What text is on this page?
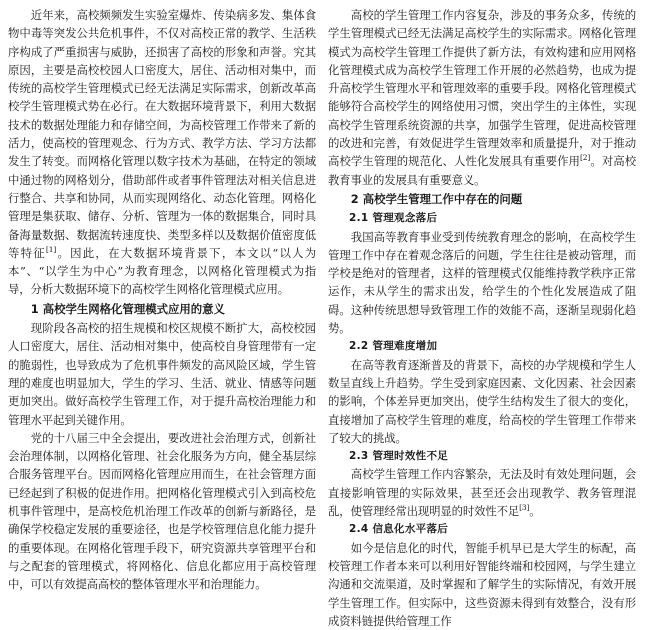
近年来，高校频频发生实验室爆炸、传染病多发、集体食物中毒等突发公共危机事件，不仅对高校正常的教学、生活秩序构成了严重损害与威胁，还损害了高校的形象和声誉。究其原因，主要是高校校园人口密度大，居住、活动相对集中，而传统的高校学生管理模式已经无法满足实际需求，创新改革高校学生管理模式势在必行。在大数据环境背景下，利用大数据技术的数据处理能力和存储空间，为高校管理工作带来了新的活力，使高校的管理观念、行为方式、教学方法、学习方法都发生了转变。而网格化管理以数字技术为基础，在特定的领域中通过物的网格划分，借助部件或者事件管理法对相关信息进行整合、共享和协同，从而实现网络化、动态化管理。网格化管理是集获取、储存、分析、管理为一体的数据集合，同时具备海量数据、数据流转速度快、类型多样以及数据价值密度低等特征[1]。因此，在大数据环境背景下，本文以“以人为本”、“以学生为中心”为教育理念，以网格化管理模式为指导，分析大数据环境下的高校学生网格化管理模式应用。

1 高校学生网格化管理模式应用的意义

现阶段各高校的招生规模和校区规模不断扩大，高校校园人口密度大，居住、活动相对集中，使高校自身管理带有一定的脆弱性，也导致成为了危机事件频发的高风险区域，学生管理的难度也明显加大，学生的学习、生活、就业、情感等问题更加突出。做好高校学生管理工作，对于提升高校治理能力和管理水平起到关键作用。

党的十八届三中全会提出，要改进社会治理方式，创新社会治理体制，以网格化管理、社会化服务为方向，健全基层综合服务管理平台。因而网格化管理应用而生，在社会管理方面已经起到了积极的促进作用。把网格化管理模式引入到高校危机事件管理中，是高校危机治理工作改革的创新与新路径，是确保学校稳定发展的重要途径，也是学校管理信息化能力提升的重要体现。在网格化管理手段下，研究资源共享管理平台和与之配套的管理模式，将网格化、信息化都应用于高校管理中，可以有效提高高校的整体管理水平和治理能力。

高校的学生管理工作内容复杂，涉及的事务众多，传统的学生管理模式已经无法满足高校学生的实际需求。网格化管理模式为高校学生管理工作提供了新方法，有效构建和应用网格化管理模式成为高校学生管理工作开展的必然趋势，也成为提升高校学生管理水平和管理效率的重要手段。网格化管理模式能够符合高校学生的网络使用习惯，突出学生的主体性，实现高校学生管理系统资源的共享，加强学生管理，促进高校管理的改进和完善，有效促进学生管理效率和质量提升，对于推动高校学生管理的规范化、人性化发展具有重要作用[2]。对高校教育事业的发展具有重要意义。

2 高校学生管理工作中存在的问题
2.1 管理观念落后

我国高等教育事业受到传统教育理念的影响，在高校学生管理工作中存在着观念落后的问题，学生往往是被动管理，而学校是绝对的管理者，这样的管理模式仅能维持教学秩序正常运作，未从学生的需求出发，给学生的个性化发展造成了阻碍。这种传统思想导致管理工作的效能不高，逐渐呈现弱化趋势。

2.2 管理难度增加

在高等教育逐渐普及的背景下，高校的办学规模和学生人数呈直线上升趋势。学生受到家庭因素、文化因素、社会因素的影响，个体差异更加突出，使学生结构发生了很大的变化，直接增加了高校学生管理的难度，给高校的学生管理工作带来了较大的挑战。

2.3 管理时效性不足

高校学生管理工作内容繁杂，无法及时有效处理问题，会直接影响管理的实际效果，甚至还会出现教学、教务管理混乱，使管理经常出现明显的时效性不足[3]。

2.4 信息化水平落后

如今是信息化的时代，智能手机早已是大学生的标配，高校管理工作者本来可以利用好智能终端和校园网，与学生建立沟通和交流渠道，及时掌握和了解学生的实际情况，有效开展学生管理工作。但实际中，这些资源未得到有效整合，没有形成资料链提供给管理工作
